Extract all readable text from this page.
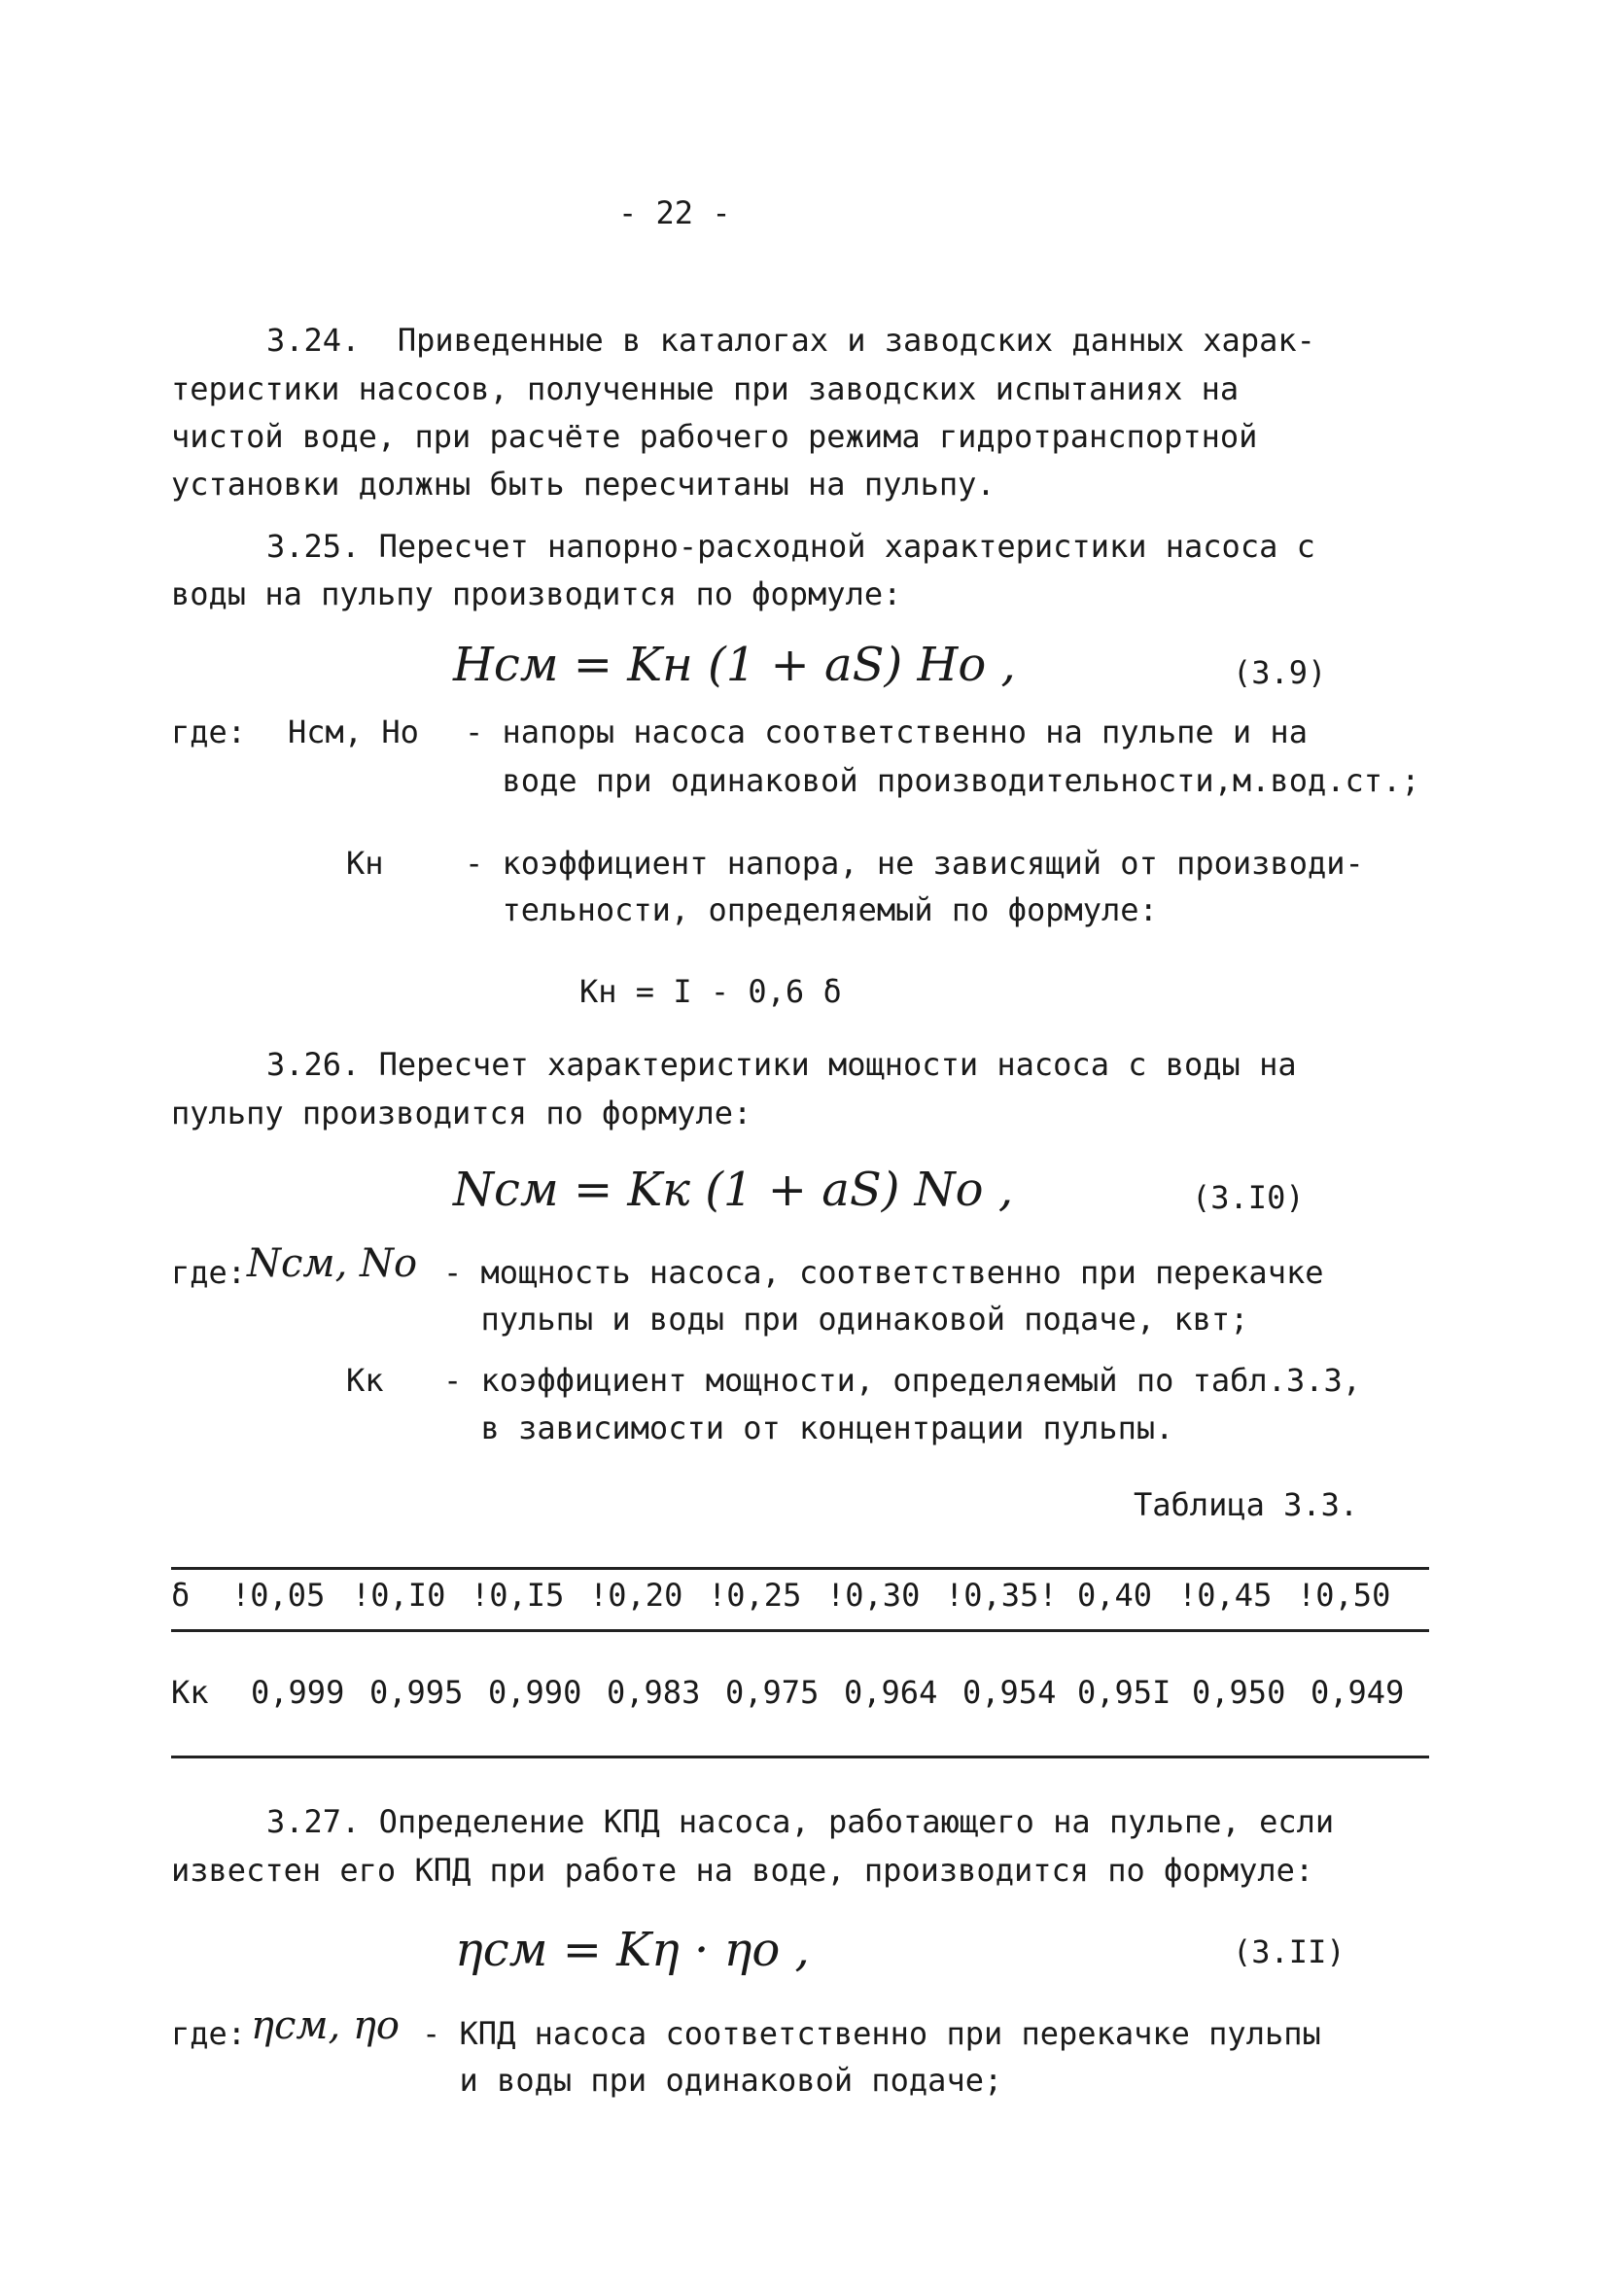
- 22 -
3.24.  Приведенные в каталогах и заводских данных харак-
теристики насосов, полученные при заводских испытаниях на
чистой воде, при расчёте рабочего режима гидротранспортной
установки должны быть пересчитаны на пульпу.
3.25. Пересчет напорно-расходной характеристики насоса с
воды на пульпу производится по формуле:
Hсм = Kн (1 + aS) Ho ,	(3.9)
где: Hсм, Ho - напоры насоса соответственно на пульпе и на
воде при одинаковой производительности,м.вод.ст.;
Kн	- коэффициент напора, не зависящий от производи-
тельности, определяемый по формуле:
Kн = I - 0,6 δ
3.26. Пересчет характеристики мощности насоса с воды на
пульпу производится по формуле:
Nсм = Kк (1 + aS) No ,	(3.I0)
где: Nсм, No - мощность насоса, соответственно при перекачке
пульпы и воды при одинаковой подаче, квт;
Kк - коэффициент мощности, определяемый по табл.3.3,
в зависимости от концентрации пульпы.
Таблица 3.3.
δ !0,05 !0,I0 !0,I5 !0,20 !0,25 !0,30 !0,35! 0,40 !0,45 !0,50
Kк 0,999 0,995 0,990 0,983 0,975 0,964 0,954 0,95I 0,950 0,949
3.27. Определение КПД насоса, работающего на пульпе, если
известен его КПД при работе на воде, производится по формуле:
ηсм = Kη · ηo ,	(3.II)
где: ηсм, ηo - КПД насоса соответственно при перекачке пульпы
и воды при одинаковой подаче;
